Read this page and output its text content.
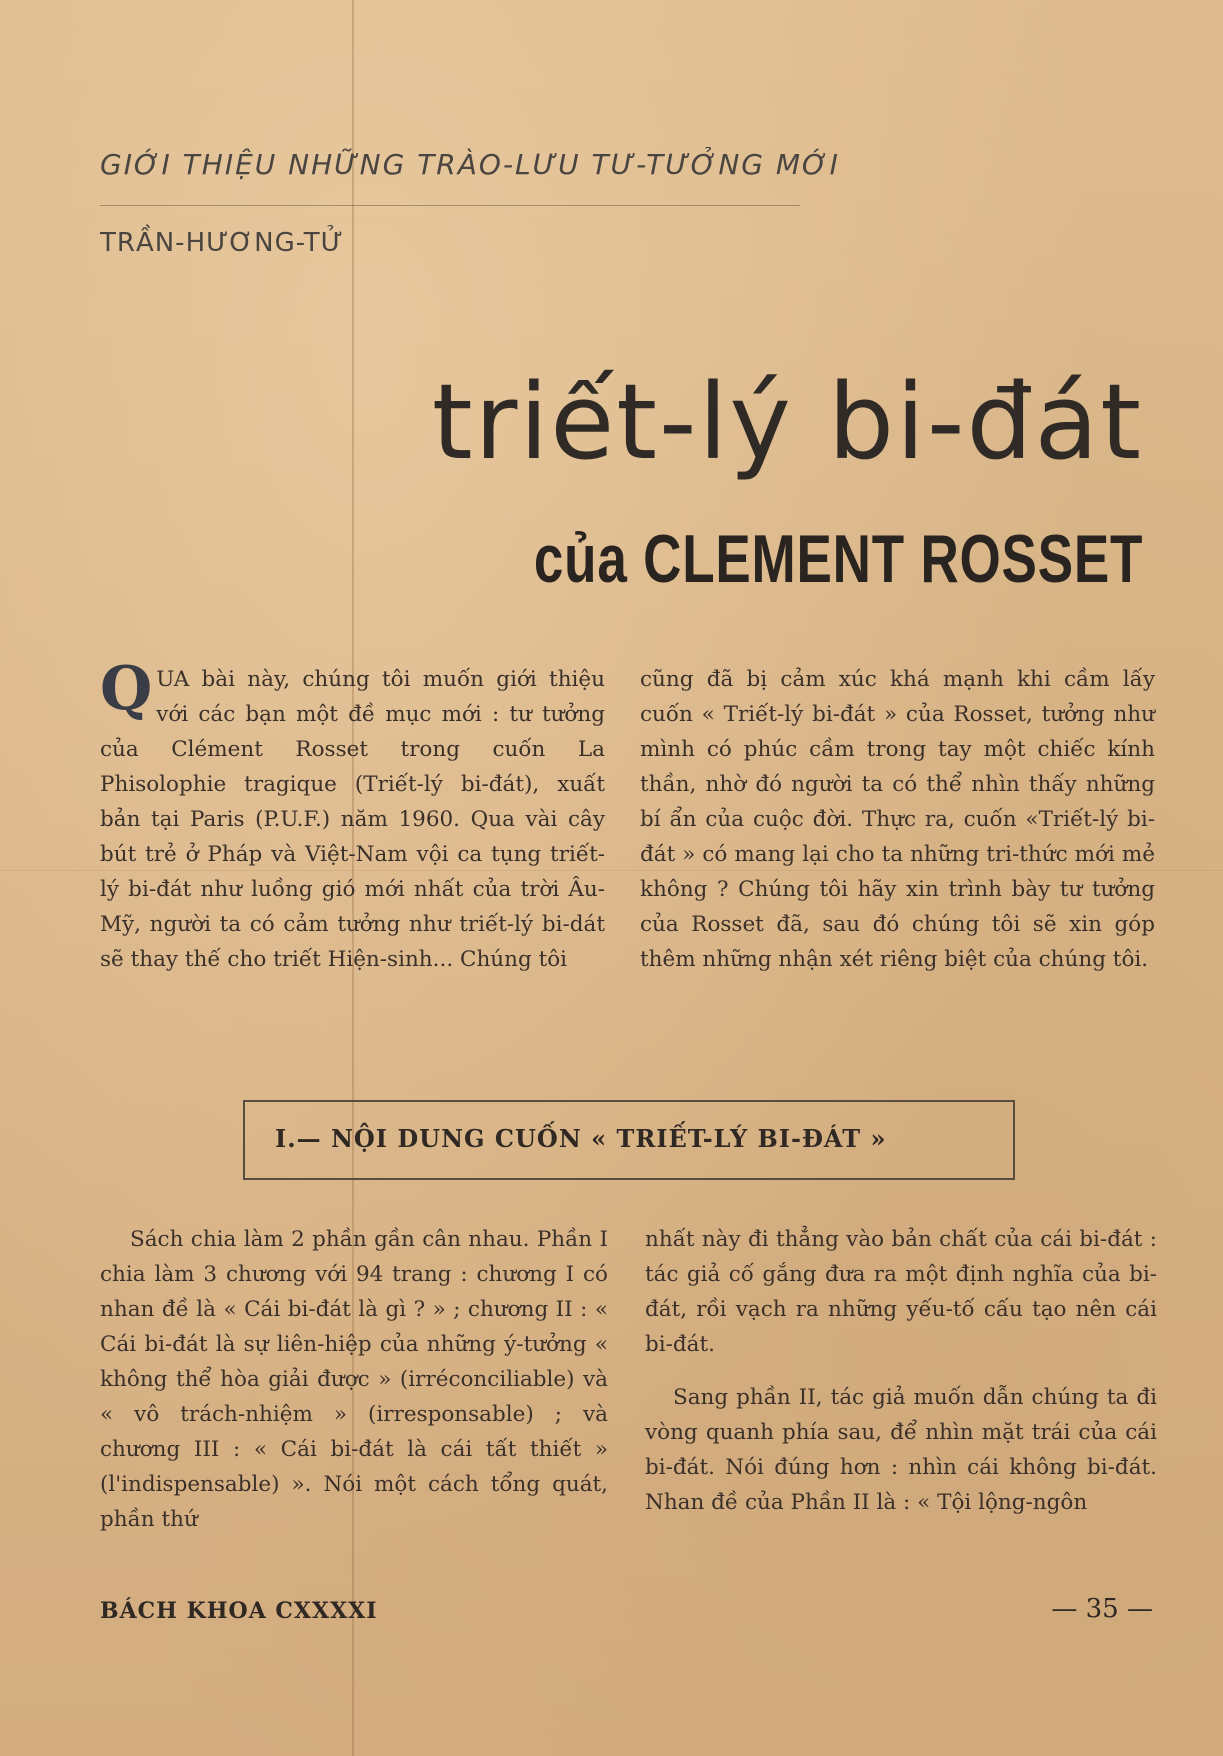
GIỚI THIỆU NHỮNG TRÀO-LƯU TƯ-TƯỞNG MỚI
TRẦN-HƯƠNG-TỬ
triết-lý bi-đát
của CLEMENT ROSSET

Q UA bài này, chúng tôi muốn giới thiệu với các bạn một đề mục mới : tư tưởng của Clément Rosset trong cuốn La Phisolophie tragique (Triết-lý bi-đát), xuất bản tại Paris (P.U.F.) năm 1960. Qua vài cây bút trẻ ở Pháp và Việt-Nam vội ca tụng triết-lý bi-đát như luồng gió mới nhất của trời Âu-Mỹ, người ta có cảm tưởng như triết-lý bi-dát sẽ thay thế cho triết Hiện-sinh... Chúng tôi

cũng đã bị cảm xúc khá mạnh khi cầm lấy cuốn « Triết-lý bi-đát » của Rosset, tưởng như mình có phúc cầm trong tay một chiếc kính thần, nhờ đó người ta có thể nhìn thấy những bí ẩn của cuộc đời. Thực ra, cuốn «Triết-lý bi-đát » có mang lại cho ta những tri-thức mới mẻ không ? Chúng tôi hãy xin trình bày tư tưởng của Rosset đã, sau đó chúng tôi sẽ xin góp thêm những nhận xét riêng biệt của chúng tôi.

I.— NỘI DUNG CUỐN « TRIẾT-LÝ BI-ĐÁT »

Sách chia làm 2 phần gần cân nhau. Phần I chia làm 3 chương với 94 trang : chương I có nhan đề là « Cái bi-đát là gì ? » ; chương II : « Cái bi-đát là sự liên-hiệp của những ý-tưởng « không thể hòa giải được » (irréconciliable) và « vô trách-nhiệm » (irresponsable) ; và chương III : « Cái bi-đát là cái tất thiết » (l'indispensable) ». Nói một cách tổng quát, phần thứ

nhất này đi thẳng vào bản chất của cái bi-đát : tác giả cố gắng đưa ra một định nghĩa của bi-đát, rồi vạch ra những yếu-tố cấu tạo nên cái bi-đát.

Sang phần II, tác giả muốn dẫn chúng ta đi vòng quanh phía sau, để nhìn mặt trái của cái bi-đát. Nói đúng hơn : nhìn cái không bi-đát. Nhan đề của Phần II là : « Tội lộng-ngôn

BÁCH KHOA CXXXXI	— 35 —
